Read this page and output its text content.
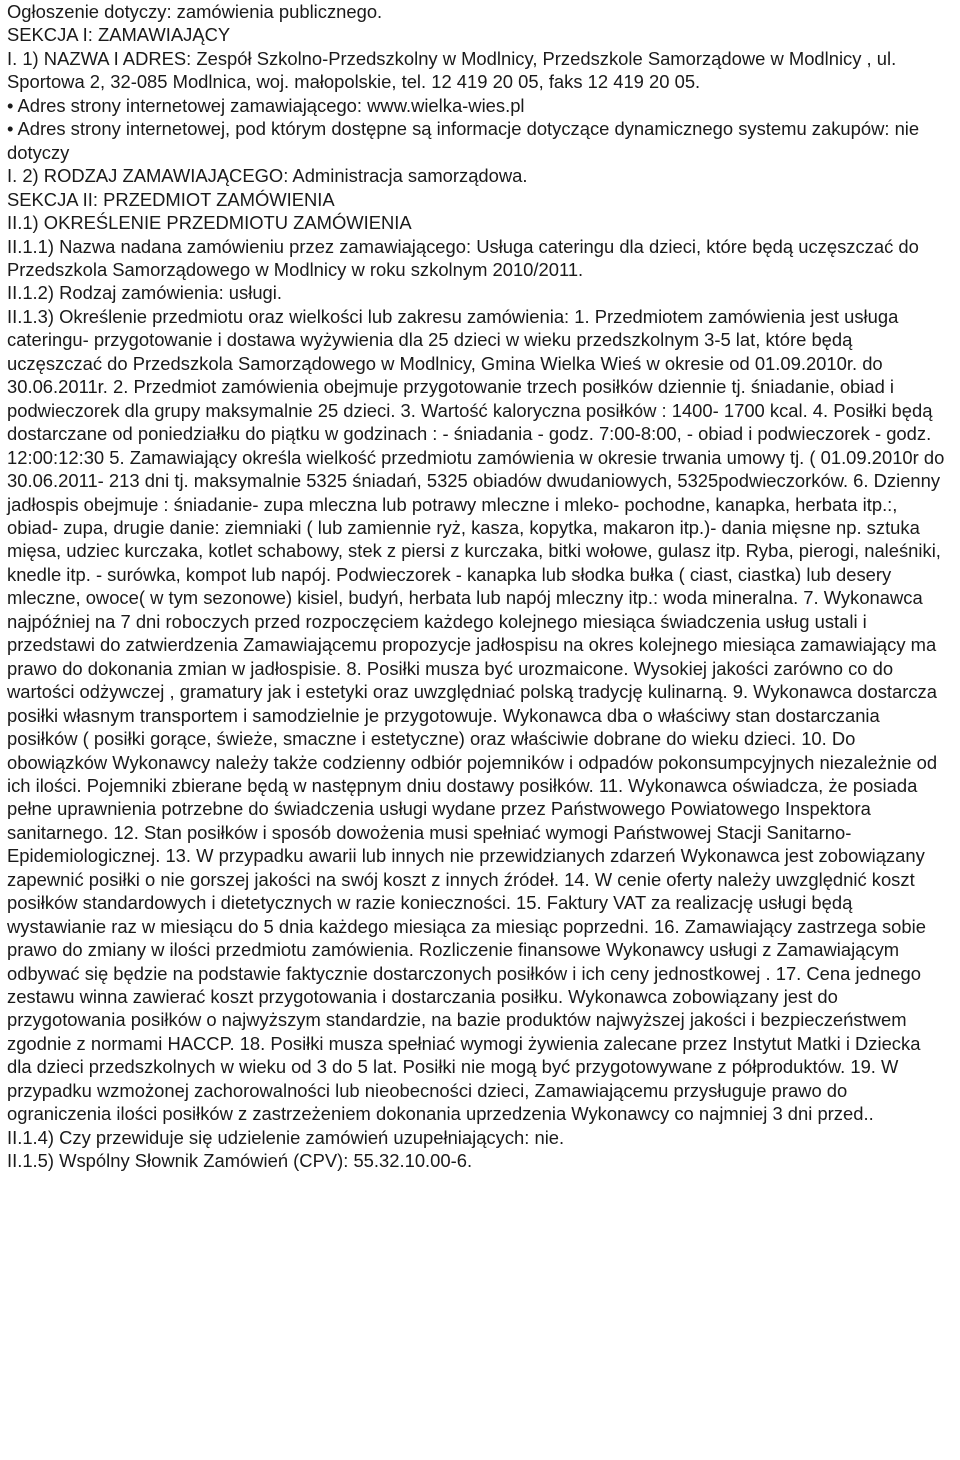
Ogłoszenie dotyczy: zamówienia publicznego.

SEKCJA I: ZAMAWIAJĄCY

I. 1) NAZWA I ADRES: Zespół Szkolno-Przedszkolny w Modlnicy, Przedszkole Samorządowe w Modlnicy , ul. Sportowa 2, 32-085 Modlnica, woj. małopolskie, tel. 12 419 20 05, faks 12 419 20 05.

• Adres strony internetowej zamawiającego: www.wielka-wies.pl

• Adres strony internetowej, pod którym dostępne są informacje dotyczące dynamicznego systemu zakupów: nie dotyczy

I. 2) RODZAJ ZAMAWIAJĄCEGO: Administracja samorządowa.

SEKCJA II: PRZEDMIOT ZAMÓWIENIA

II.1) OKREŚLENIE PRZEDMIOTU ZAMÓWIENIA

II.1.1) Nazwa nadana zamówieniu przez zamawiającego: Usługa cateringu dla dzieci, które będą uczęszczać do Przedszkola Samorządowego w Modlnicy w roku szkolnym 2010/2011.

II.1.2) Rodzaj zamówienia: usługi.

II.1.3) Określenie przedmiotu oraz wielkości lub zakresu zamówienia: 1. Przedmiotem zamówienia jest usługa cateringu- przygotowanie i dostawa wyżywienia dla 25 dzieci w wieku przedszkolnym 3-5 lat, które będą uczęszczać do Przedszkola Samorządowego w Modlnicy, Gmina Wielka Wieś w okresie od 01.09.2010r. do 30.06.2011r. 2. Przedmiot zamówienia obejmuje przygotowanie trzech posiłków dziennie tj. śniadanie, obiad i podwieczorek dla grupy maksymalnie 25 dzieci. 3. Wartość kaloryczna posiłków : 1400- 1700 kcal. 4. Posiłki będą dostarczane od poniedziałku do piątku w godzinach : - śniadania - godz. 7:00-8:00, - obiad i podwieczorek - godz. 12:00:12:30 5. Zamawiający określa wielkość przedmiotu zamówienia w okresie trwania umowy tj. ( 01.09.2010r do 30.06.2011- 213 dni tj. maksymalnie 5325 śniadań, 5325 obiadów dwudaniowych, 5325podwieczorków. 6. Dzienny jadłospis obejmuje : śniadanie- zupa mleczna lub potrawy mleczne i mleko- pochodne, kanapka, herbata itp.:, obiad- zupa, drugie danie: ziemniaki ( lub zamiennie ryż, kasza, kopytka, makaron itp.)- dania mięsne np. sztuka mięsa, udziec kurczaka, kotlet schabowy, stek z piersi z kurczaka, bitki wołowe, gulasz itp. Ryba, pierogi, naleśniki, knedle itp. - surówka, kompot lub napój. Podwieczorek - kanapka lub słodka bułka ( ciast, ciastka) lub desery mleczne, owoce( w tym sezonowe) kisiel, budyń, herbata lub napój mleczny itp.: woda mineralna. 7. Wykonawca najpóźniej na 7 dni roboczych przed rozpoczęciem każdego kolejnego miesiąca świadczenia usług ustali i przedstawi do zatwierdzenia Zamawiającemu propozycje jadłospisu na okres kolejnego miesiąca zamawiający ma prawo do dokonania zmian w jadłospisie. 8. Posiłki musza być urozmaicone. Wysokiej jakości zarówno co do wartości odżywczej , gramatury jak i estetyki oraz uwzględniać polską tradycję kulinarną. 9. Wykonawca dostarcza posiłki własnym transportem i samodzielnie je przygotowuje. Wykonawca dba o właściwy stan dostarczania posiłków ( posiłki gorące, świeże, smaczne i estetyczne) oraz właściwie dobrane do wieku dzieci. 10. Do obowiązków Wykonawcy należy także codzienny odbiór pojemników i odpadów pokonsumpcyjnych niezależnie od ich ilości. Pojemniki zbierane będą w następnym dniu dostawy posiłków. 11. Wykonawca oświadcza, że posiada pełne uprawnienia potrzebne do świadczenia usługi wydane przez Państwowego Powiatowego Inspektora sanitarnego. 12. Stan posiłków i sposób dowożenia musi spełniać wymogi Państwowej Stacji Sanitarno- Epidemiologicznej. 13. W przypadku awarii lub innych nie przewidzianych zdarzeń Wykonawca jest zobowiązany zapewnić posiłki o nie gorszej jakości na swój koszt z innych źródeł. 14. W cenie oferty należy uwzględnić koszt posiłków standardowych i dietetycznych w razie konieczności. 15. Faktury VAT za realizację usługi będą wystawianie raz w miesiącu do 5 dnia każdego miesiąca za miesiąc poprzedni. 16. Zamawiający zastrzega sobie prawo do zmiany w ilości przedmiotu zamówienia. Rozliczenie finansowe Wykonawcy usługi z Zamawiającym odbywać się będzie na podstawie faktycznie dostarczonych posiłków i ich ceny jednostkowej . 17. Cena jednego zestawu winna zawierać koszt przygotowania i dostarczania posiłku. Wykonawca zobowiązany jest do przygotowania posiłków o najwyższym standardzie, na bazie produktów najwyższej jakości i bezpieczeństwem zgodnie z normami HACCP. 18. Posiłki musza spełniać wymogi żywienia zalecane przez Instytut Matki i Dziecka dla dzieci przedszkolnych w wieku od 3 do 5 lat. Posiłki nie mogą być przygotowywane z półproduktów. 19. W przypadku wzmożonej zachorowalności lub nieobecności dzieci, Zamawiającemu przysługuje prawo do ograniczenia ilości posiłków z zastrzeżeniem dokonania uprzedzenia Wykonawcy co najmniej 3 dni przed..

II.1.4) Czy przewiduje się udzielenie zamówień uzupełniających: nie.

II.1.5) Wspólny Słownik Zamówień (CPV): 55.32.10.00-6.
